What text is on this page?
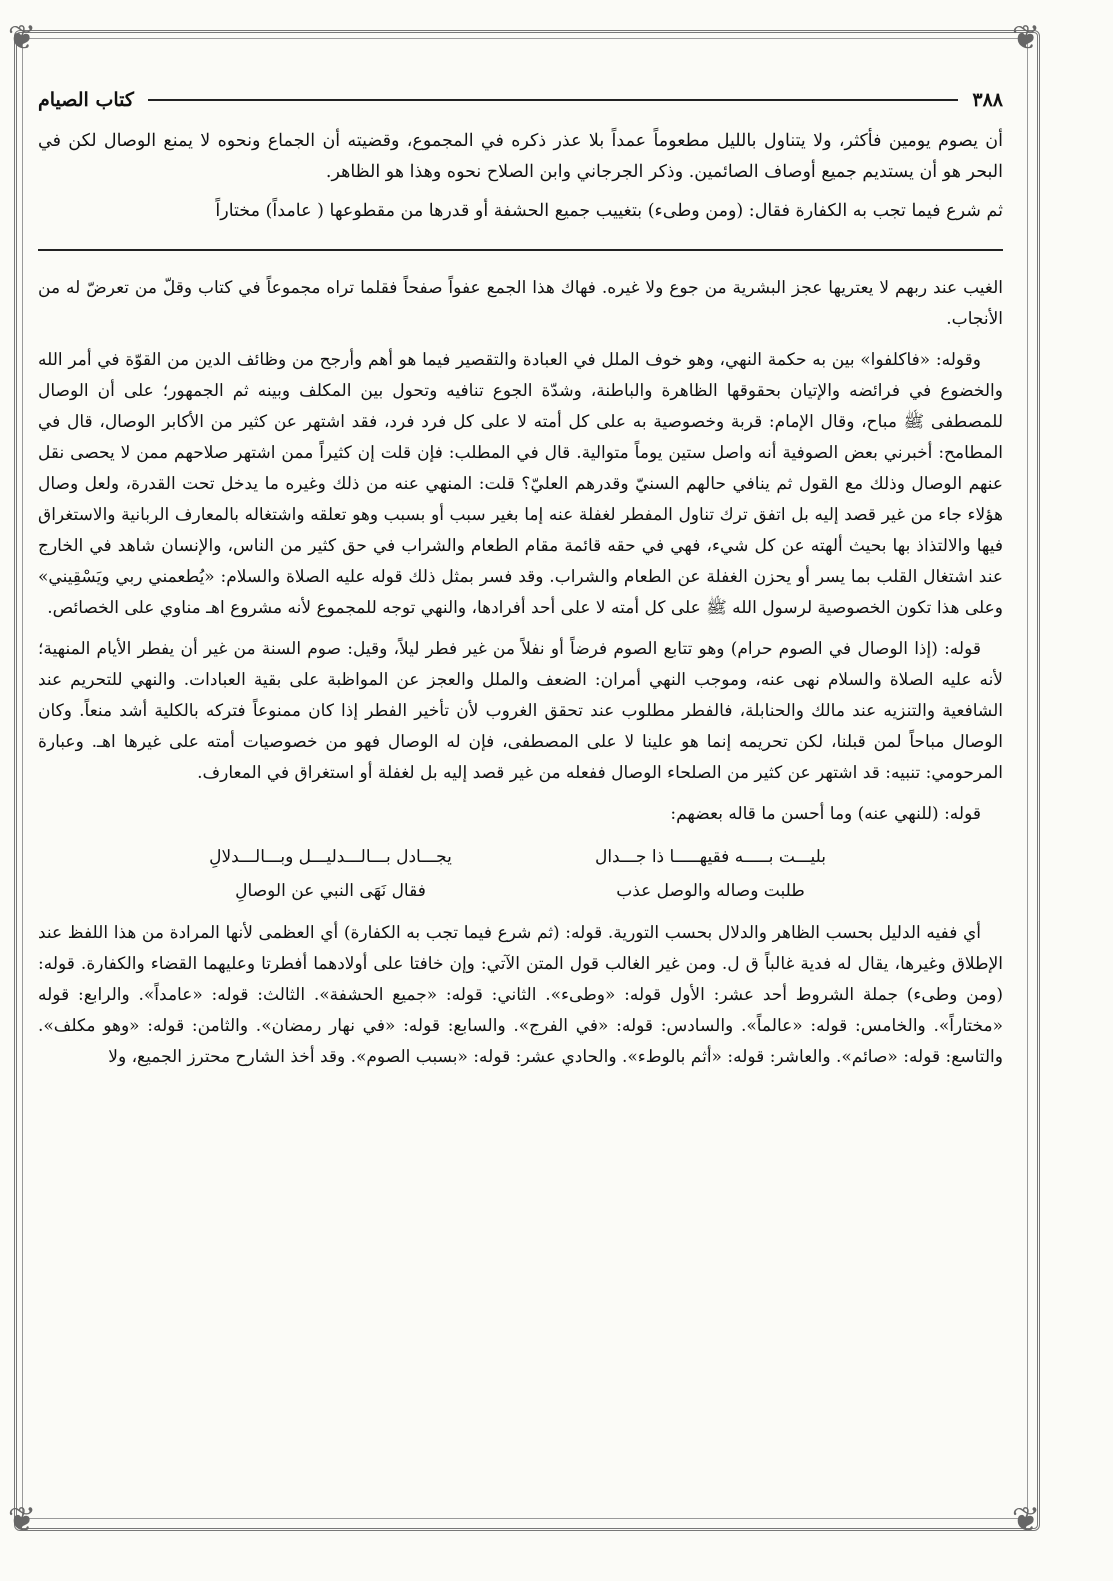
❦	❦
❦	❦
٣٨٨
كتاب الصيام

أن يصوم يومين فأكثر، ولا يتناول بالليل مطعوماً عمداً بلا عذر ذكره في المجموع، وقضيته أن الجماع ونحوه لا يمنع الوصال لكن في البحر هو أن يستديم جميع أوصاف الصائمين. وذكر الجرجاني وابن الصلاح نحوه وهذا هو الظاهر.

ثم شرع فيما تجب به الكفارة فقال: (ومن وطىء) بتغييب جميع الحشفة أو قدرها من مقطوعها ( عامداً) مختاراً

الغيب عند ربهم لا يعتريها عجز البشرية من جوع ولا غيره. فهاك هذا الجمع عفواً صفحاً فقلما تراه مجموعاً في كتاب وقلّ من تعرضّ له من الأنجاب.

وقوله: «فاكلفوا» بين به حكمة النهي، وهو خوف الملل في العبادة والتقصير فيما هو أهم وأرجح من وظائف الدين من القوّة في أمر الله والخضوع في فرائضه والإتيان بحقوقها الظاهرة والباطنة، وشدّة الجوع تنافيه وتحول بين المكلف وبينه ثم الجمهور؛ على أن الوصال للمصطفى ﷺ مباح، وقال الإمام: قربة وخصوصية به على كل أمته لا على كل فرد فرد، فقد اشتهر عن كثير من الأكابر الوصال، قال في المطامح: أخبرني بعض الصوفية أنه واصل ستين يوماً متوالية. قال في المطلب: فإن قلت إن كثيراً ممن اشتهر صلاحهم ممن لا يحصى نقل عنهم الوصال وذلك مع القول ثم ينافي حالهم السنيّ وقدرهم العليّ؟ قلت: المنهي عنه من ذلك وغيره ما يدخل تحت القدرة، ولعل وصال هؤلاء جاء من غير قصد إليه بل اتفق ترك تناول المفطر لغفلة عنه إما بغير سبب أو بسبب وهو تعلقه واشتغاله بالمعارف الربانية والاستغراق فيها والالتذاذ بها بحيث ألهته عن كل شيء، فهي في حقه قائمة مقام الطعام والشراب في حق كثير من الناس، والإنسان شاهد في الخارج عند اشتغال القلب بما يسر أو يحزن الغفلة عن الطعام والشراب. وقد فسر بمثل ذلك قوله عليه الصلاة والسلام: «يُطعمني ربي ويَسْقِيني» وعلى هذا تكون الخصوصية لرسول الله ﷺ على كل أمته لا على أحد أفرادها، والنهي توجه للمجموع لأنه مشروع اهـ مناوي على الخصائص.

قوله: (إذا الوصال في الصوم حرام) وهو تتابع الصوم فرضاً أو نفلاً من غير فطر ليلاً، وقيل: صوم السنة من غير أن يفطر الأيام المنهية؛ لأنه عليه الصلاة والسلام نهى عنه، وموجب النهي أمران: الضعف والملل والعجز عن المواظبة على بقية العبادات. والنهي للتحريم عند الشافعية والتنزيه عند مالك والحنابلة، فالفطر مطلوب عند تحقق الغروب لأن تأخير الفطر إذا كان ممنوعاً فتركه بالكلية أشد منعاً. وكان الوصال مباحاً لمن قبلنا، لكن تحريمه إنما هو علينا لا على المصطفى، فإن له الوصال فهو من خصوصيات أمته على غيرها اهـ. وعبارة المرحومي: تنبيه: قد اشتهر عن كثير من الصلحاء الوصال ففعله من غير قصد إليه بل لغفلة أو استغراق في المعارف.

قوله: (للنهي عنه) وما أحسن ما قاله بعضهم:

بليـــت بـــــه فقيهـــــا ذا جـــدال
يجـــادل بـــالـــدليـــل وبـــالـــدلالِ
طلبت وصاله والوصل عذب
فقال نَهَى النبي عن الوصالِ

أي ففيه الدليل بحسب الظاهر والدلال بحسب التورية. قوله: (ثم شرع فيما تجب به الكفارة) أي العظمى لأنها المرادة من هذا اللفظ عند الإطلاق وغيرها، يقال له فدية غالباً ق ل. ومن غير الغالب قول المتن الآتي: وإن خافتا على أولادهما أفطرتا وعليهما القضاء والكفارة. قوله: (ومن وطىء) جملة الشروط أحد عشر: الأول قوله: «وطىء». الثاني: قوله: «جميع الحشفة». الثالث: قوله: «عامداً». والرابع: قوله «مختاراً». والخامس: قوله: «عالماً». والسادس: قوله: «في الفرج». والسابع: قوله: «في نهار رمضان». والثامن: قوله: «وهو مكلف». والتاسع: قوله: «صائم». والعاشر: قوله: «أثم بالوطء». والحادي عشر: قوله: «بسبب الصوم». وقد أخذ الشارح محترز الجميع، ولا
